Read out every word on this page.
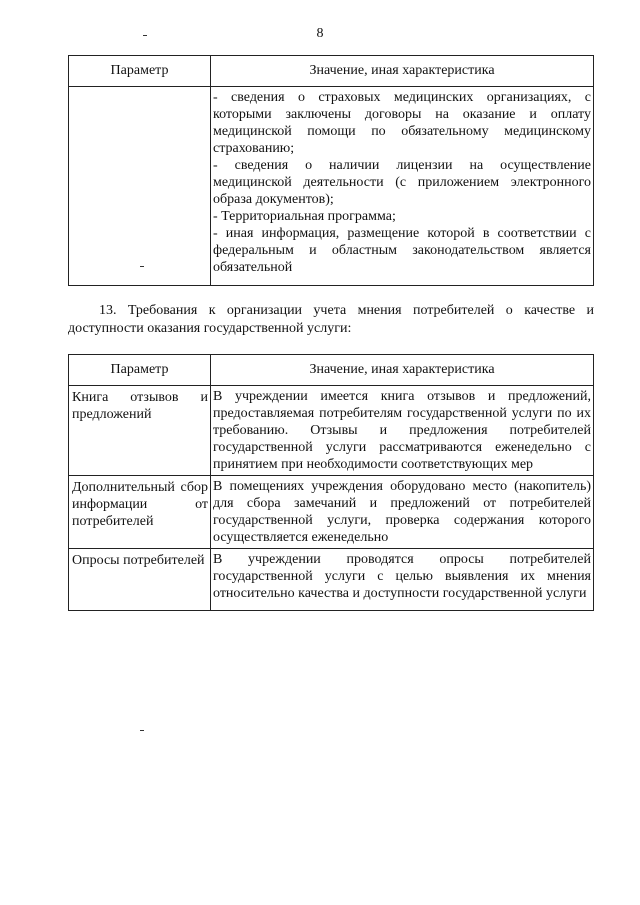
8
Параметр	Значение, иная характеристика

	- сведения о страховых медицинских организациях, с которыми заключены договоры на оказание и оплату медицинской помощи по обязательному медицинскому страхованию;

- сведения о наличии лицензии на осуществление медицинской деятельности (с приложением электронного образа документов);

- Территориальная программа;

- иная информация, размещение которой в соответствии с федеральным и областным законодательством является обязательной

13. Требования к организации учета мнения потребителей о качестве и доступности оказания государственной услуги:

Параметр	Значение, иная характеристика
Книга отзывов и предложений	В учреждении имеется книга отзывов и предложений, предоставляемая потребителям государственной услуги по их требованию. Отзывы и предложения потребителей государственной услуги рассматриваются еженедельно с принятием при необходимости соответствующих мер
Дополнительный сбор информации от потребителей	В помещениях учреждения оборудовано место (накопитель) для сбора замечаний и предложений от потребителей государственной услуги, проверка содержания которого осуществляется еженедельно
Опросы потребителей	В учреждении проводятся опросы потребителей государственной услуги с целью выявления их мнения относительно качества и доступности государственной услуги
